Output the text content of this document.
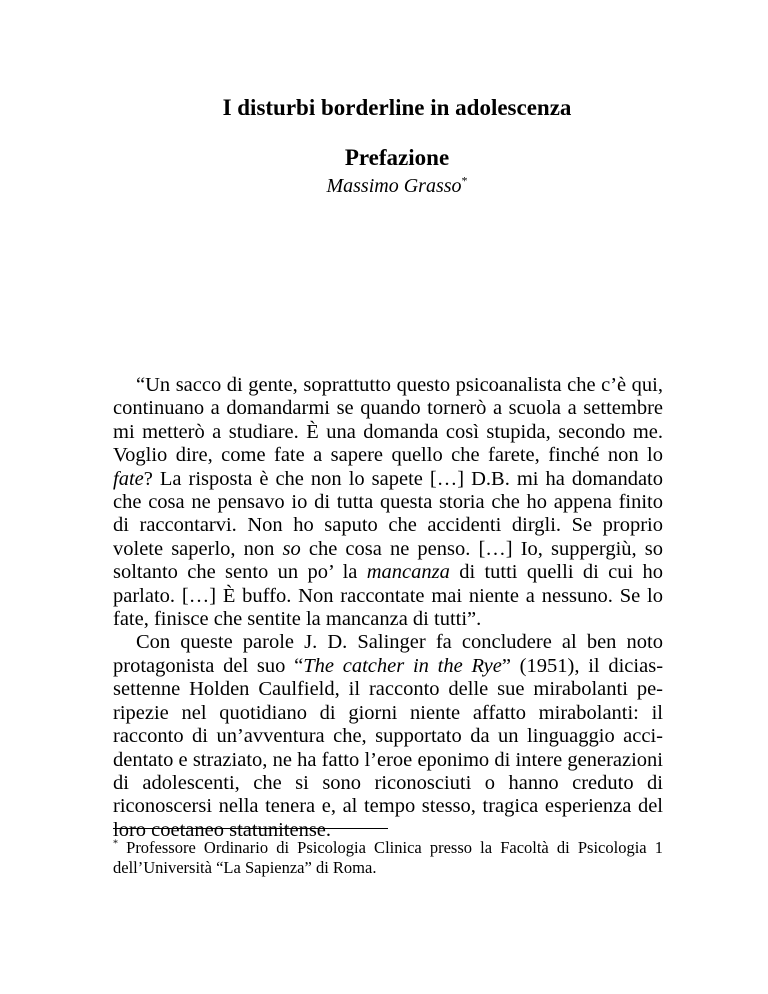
I disturbi borderline in adolescenza
Prefazione
Massimo Grasso*

“Un sacco di gente, soprattutto questo psicoanalista che c’è qui, continuano a domandarmi se quando tornerò a scuola a settembre mi metterò a studiare. È una domanda così stupida, secondo me. Voglio dire, come fate a sapere quello che farete, finché non lo fate? La risposta è che non lo sapete […] D.B. mi ha domandato che cosa ne pensavo io di tutta questa storia che ho appena finito di raccontarvi. Non ho saputo che accidenti dirgli. Se proprio volete saperlo, non so che cosa ne penso. […] Io, suppergiù, so soltanto che sento un po’ la mancanza di tutti quelli di cui ho parlato. […] È buffo. Non raccontate mai niente a nessuno. Se lo fate, finisce che sentite la mancanza di tutti”.

Con queste parole J. D. Salinger fa concludere al ben noto protagonista del suo “The catcher in the Rye” (1951), il diciassettenne Holden Caulfield, il racconto delle sue mirabolanti peripezie nel quotidiano di giorni niente affatto mirabolanti: il racconto di un’avventura che, supportato da un linguaggio accidentato e straziato, ne ha fatto l’eroe eponimo di intere generazioni di adolescenti, che si sono riconosciuti o hanno creduto di riconoscersi nella tenera e, al tempo stesso, tragica esperienza del loro coetaneo statunitense.

* Professore Ordinario di Psicologia Clinica presso la Facoltà di Psicologia 1 dell’Università “La Sapienza” di Roma.
